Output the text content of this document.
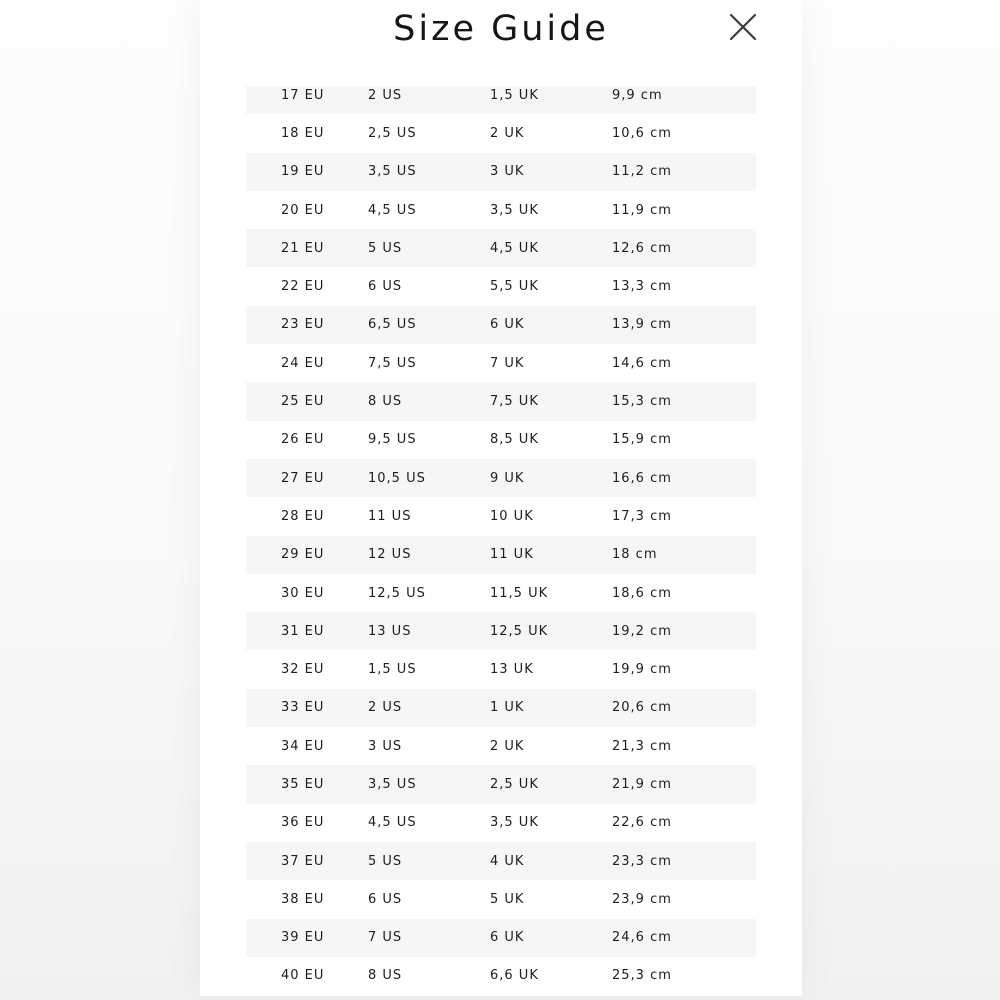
Size Guide
17 EU	2 US	1,5 UK	9,9 cm
18 EU	2,5 US	2 UK	10,6 cm
19 EU	3,5 US	3 UK	11,2 cm
20 EU	4,5 US	3,5 UK	11,9 cm
21 EU	5 US	4,5 UK	12,6 cm
22 EU	6 US	5,5 UK	13,3 cm
23 EU	6,5 US	6 UK	13,9 cm
24 EU	7,5 US	7 UK	14,6 cm
25 EU	8 US	7,5 UK	15,3 cm
26 EU	9,5 US	8,5 UK	15,9 cm
27 EU	10,5 US	9 UK	16,6 cm
28 EU	11 US	10 UK	17,3 cm
29 EU	12 US	11 UK	18 cm
30 EU	12,5 US	11,5 UK	18,6 cm
31 EU	13 US	12,5 UK	19,2 cm
32 EU	1,5 US	13 UK	19,9 cm
33 EU	2 US	1 UK	20,6 cm
34 EU	3 US	2 UK	21,3 cm
35 EU	3,5 US	2,5 UK	21,9 cm
36 EU	4,5 US	3,5 UK	22,6 cm
37 EU	5 US	4 UK	23,3 cm
38 EU	6 US	5 UK	23,9 cm
39 EU	7 US	6 UK	24,6 cm
40 EU	8 US	6,6 UK	25,3 cm
